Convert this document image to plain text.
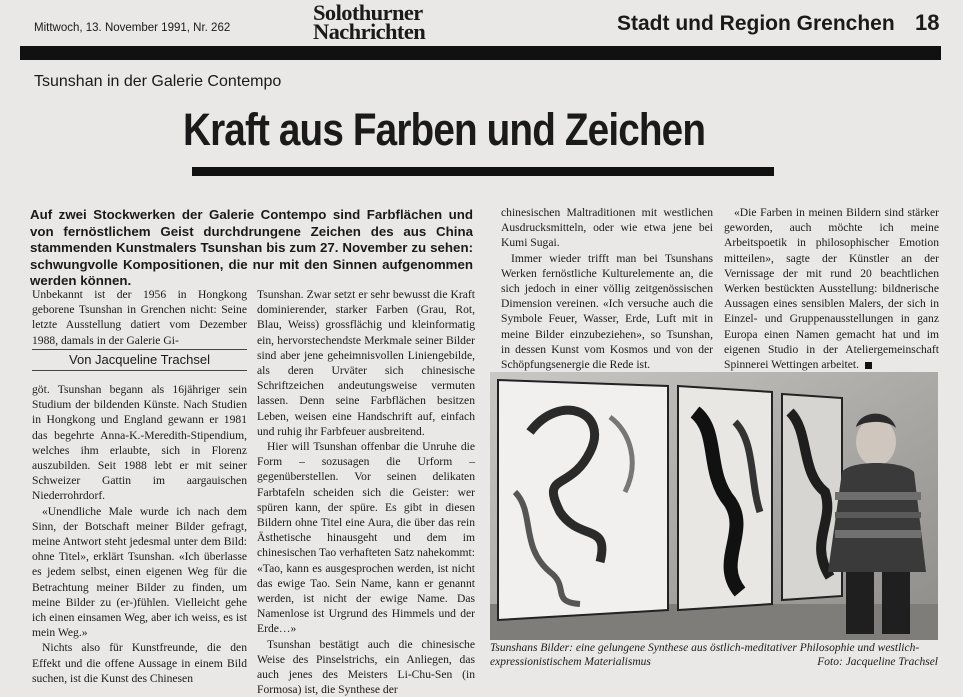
Mittwoch, 13. November 1991, Nr. 262
Solothurner
Nachrichten	Stadt und Region Grenchen 18
Tsunshan in der Galerie Contempo
Kraft aus Farben und Zeichen
Auf zwei Stockwerken der Galerie Contempo sind Farbflächen und von fernöstlichem Geist durchdrungene Zeichen des aus China stammenden Kunstmalers Tsunshan bis zum 27. November zu sehen: schwungvolle Kompositionen, die nur mit den Sinnen aufgenommen werden können.

Unbekannt ist der 1956 in Hongkong geborene Tsunshan in Grenchen nicht: Seine letzte Ausstellung datiert vom Dezember 1988, damals in der Galerie Gi-

Von Jacqueline Trachsel

göt. Tsunshan begann als 16jähriger sein Studium der bildenden Künste. Nach Studien in Hongkong und England gewann er 1981 das begehrte Anna-K.-Meredith-Stipendium, welches ihm erlaubte, sich in Florenz auszubilden. Seit 1988 lebt er mit seiner Schweizer Gattin im aargauischen Niederrohrdorf.

«Unendliche Male wurde ich nach dem Sinn, der Botschaft meiner Bilder gefragt, meine Antwort steht jedesmal unter dem Bild: ohne Titel», erklärt Tsunshan. «Ich überlasse es jedem selbst, einen eigenen Weg für die Betrachtung meiner Bilder zu finden, um meine Bilder zu (er-)fühlen. Vielleicht gehe ich einen einsamen Weg, aber ich weiss, es ist mein Weg.»

Nichts also für Kunstfreunde, die den Effekt und die offene Aussage in einem Bild suchen, ist die Kunst des Chinesen

Tsunshan. Zwar setzt er sehr bewusst die Kraft dominierender, starker Farben (Grau, Rot, Blau, Weiss) grossflächig und kleinformatig ein, hervorstechendste Merkmale seiner Bilder sind aber jene geheimnisvollen Liniengebilde, als deren Urväter sich chinesische Schriftzeichen andeutungsweise vermuten lassen. Denn seine Farbflächen besitzen Leben, weisen eine Handschrift auf, einfach und ruhig ihr Farbfeuer ausbreitend.

Hier will Tsunshan offenbar die Unruhe die Form – sozusagen die Urform – gegenüberstellen. Vor seinen delikaten Farbtafeln scheiden sich die Geister: wer spüren kann, der spüre. Es gibt in diesen Bildern ohne Titel eine Aura, die über das rein Ästhetische hinausgeht und dem im chinesischen Tao verhafteten Satz nahekommt: «Tao, kann es ausgesprochen werden, ist nicht das ewige Tao. Sein Name, kann er genannt werden, ist nicht der ewige Name. Das Namenlose ist Urgrund des Himmels und der Erde…»

Tsunshan bestätigt auch die chinesische Weise des Pinselstrichs, ein Anliegen, das auch jenes des Meisters Li-Chu-Sen (in Formosa) ist, die Synthese der

chinesischen Maltraditionen mit westlichen Ausdrucksmitteln, oder wie etwa jene bei Kumi Sugai.

Immer wieder trifft man bei Tsunshans Werken fernöstliche Kulturelemente an, die sich jedoch in einer völlig zeitgenössischen Dimension vereinen. «Ich versuche auch die Symbole Feuer, Wasser, Erde, Luft mit in meine Bilder einzubeziehen», so Tsunshan, in dessen Kunst vom Kosmos und von der Schöpfungsenergie die Rede ist.

«Die Farben in meinen Bildern sind stärker geworden, auch möchte ich meine Arbeitspoetik in philosophischer Emotion mitteilen», sagte der Künstler an der Vernissage der mit rund 20 beachtlichen Werken bestückten Ausstellung: bildnerische Aussagen eines sensiblen Malers, der sich in Einzel- und Gruppenausstellungen in ganz Europa einen Namen gemacht hat und im eigenen Studio in der Ateliergemeinschaft Spinnerei Wettingen arbeitet.

Tsunshans Bilder: eine gelungene Synthese aus östlich-meditativer Philosophie und westlich-expressionistischem Materialismus	Foto: Jacqueline Trachsel
